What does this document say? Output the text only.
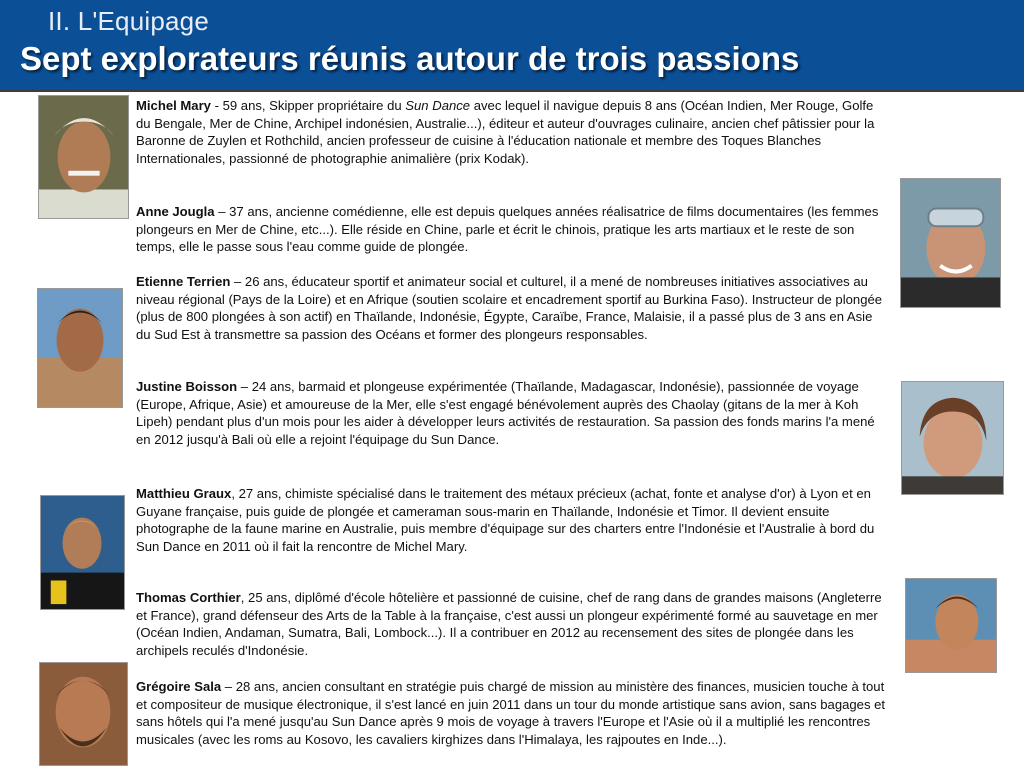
II. L'Equipage
Sept explorateurs réunis autour de trois passions

Michel Mary - 59 ans, Skipper propriétaire du Sun Dance avec lequel il navigue depuis 8 ans (Océan Indien, Mer Rouge, Golfe du Bengale, Mer de Chine, Archipel indonésien, Australie...), éditeur et auteur d'ouvrages culinaire, ancien chef pâtissier pour la Baronne de Zuylen et Rothchild, ancien professeur de cuisine à l'éducation nationale et membre des Toques Blanches Internationales, passionné de photographie animalière (prix Kodak).

Anne Jougla – 37 ans, ancienne comédienne, elle est depuis quelques années réalisatrice de films documentaires (les femmes plongeurs en Mer de Chine, etc...). Elle réside en Chine, parle et écrit le chinois, pratique les arts martiaux et le reste de son temps, elle le passe sous l'eau comme guide de plongée.

Etienne Terrien – 26 ans, éducateur sportif et animateur social et culturel, il a mené de nombreuses initiatives associatives au niveau régional (Pays de la Loire) et en Afrique (soutien scolaire et encadrement sportif au Burkina Faso). Instructeur de plongée (plus de 800 plongées à son actif) en Thaïlande, Indonésie, Égypte, Caraïbe, France, Malaisie, il a passé plus de 3 ans en Asie du Sud Est à transmettre sa passion des Océans et former des plongeurs responsables.

Justine Boisson – 24 ans, barmaid et plongeuse expérimentée (Thaïlande, Madagascar, Indonésie), passionnée de voyage (Europe, Afrique, Asie) et amoureuse de la Mer, elle s'est engagé bénévolement auprès des Chaolay (gitans de la mer à Koh Lipeh) pendant plus d'un mois pour les aider à développer leurs activités de restauration. Sa passion des fonds marins l'a mené en 2012 jusqu'à Bali où elle a rejoint l'équipage du Sun Dance.

Matthieu Graux, 27 ans, chimiste spécialisé dans le traitement des métaux précieux (achat, fonte et analyse d'or) à Lyon et en Guyane française, puis guide de plongée et cameraman sous-marin en Thaïlande, Indonésie et Timor. Il devient ensuite photographe de la faune marine en Australie, puis membre d'équipage sur des charters entre l'Indonésie et l'Australie à bord du Sun Dance en 2011 où il fait la rencontre de Michel Mary.

Thomas Corthier, 25 ans, diplômé d'école hôtelière et passionné de cuisine, chef de rang dans de grandes maisons (Angleterre et France), grand défenseur des Arts de la Table à la française, c'est aussi un plongeur expérimenté formé au sauvetage en mer (Océan Indien, Andaman, Sumatra, Bali, Lombock...). Il a contribuer en 2012 au recensement des sites de plongée dans les archipels reculés d'Indonésie.

Grégoire Sala – 28 ans, ancien consultant en stratégie puis chargé de mission au ministère des finances, musicien touche à tout et compositeur de musique électronique, il s'est lancé en juin 2011 dans un tour du monde artistique sans avion, sans bagages et sans hôtels qui l'a mené jusqu'au Sun Dance après 9 mois de voyage à travers l'Europe et l'Asie où il a multiplié les rencontres musicales (avec les roms au Kosovo, les cavaliers kirghizes dans l'Himalaya, les rajpoutes en Inde...).
